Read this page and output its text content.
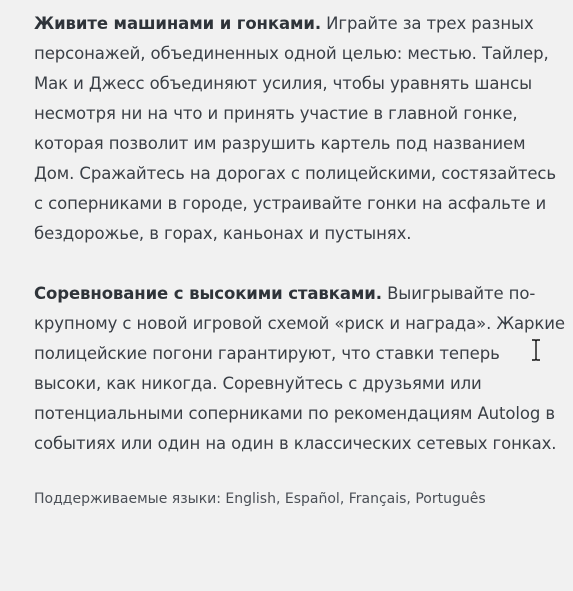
Живите машинами и гонками. Играйте за трех разных персонажей, объединенных одной целью: местью. Тайлер, Мак и Джесс объединяют усилия, чтобы уравнять шансы несмотря ни на что и принять участие в главной гонке, которая позволит им разрушить картель под названием Дом. Сражайтесь на дорогах с полицейскими, состязайтесь с соперниками в городе, устраивайте гонки на асфальте и бездорожье, в горах, каньонах и пустынях.

Соревнование с высокими ставками. Выигрывайте по-крупному с новой игровой схемой «риск и награда». Жаркие полицейские погони гарантируют, что ставки теперь высоки, как никогда. Соревнуйтесь с друзьями или потенциальными соперниками по рекомендациям Autolog в событиях или один на один в классических сетевых гонках.

Поддерживаемые языки: English, Español, Français, Português
